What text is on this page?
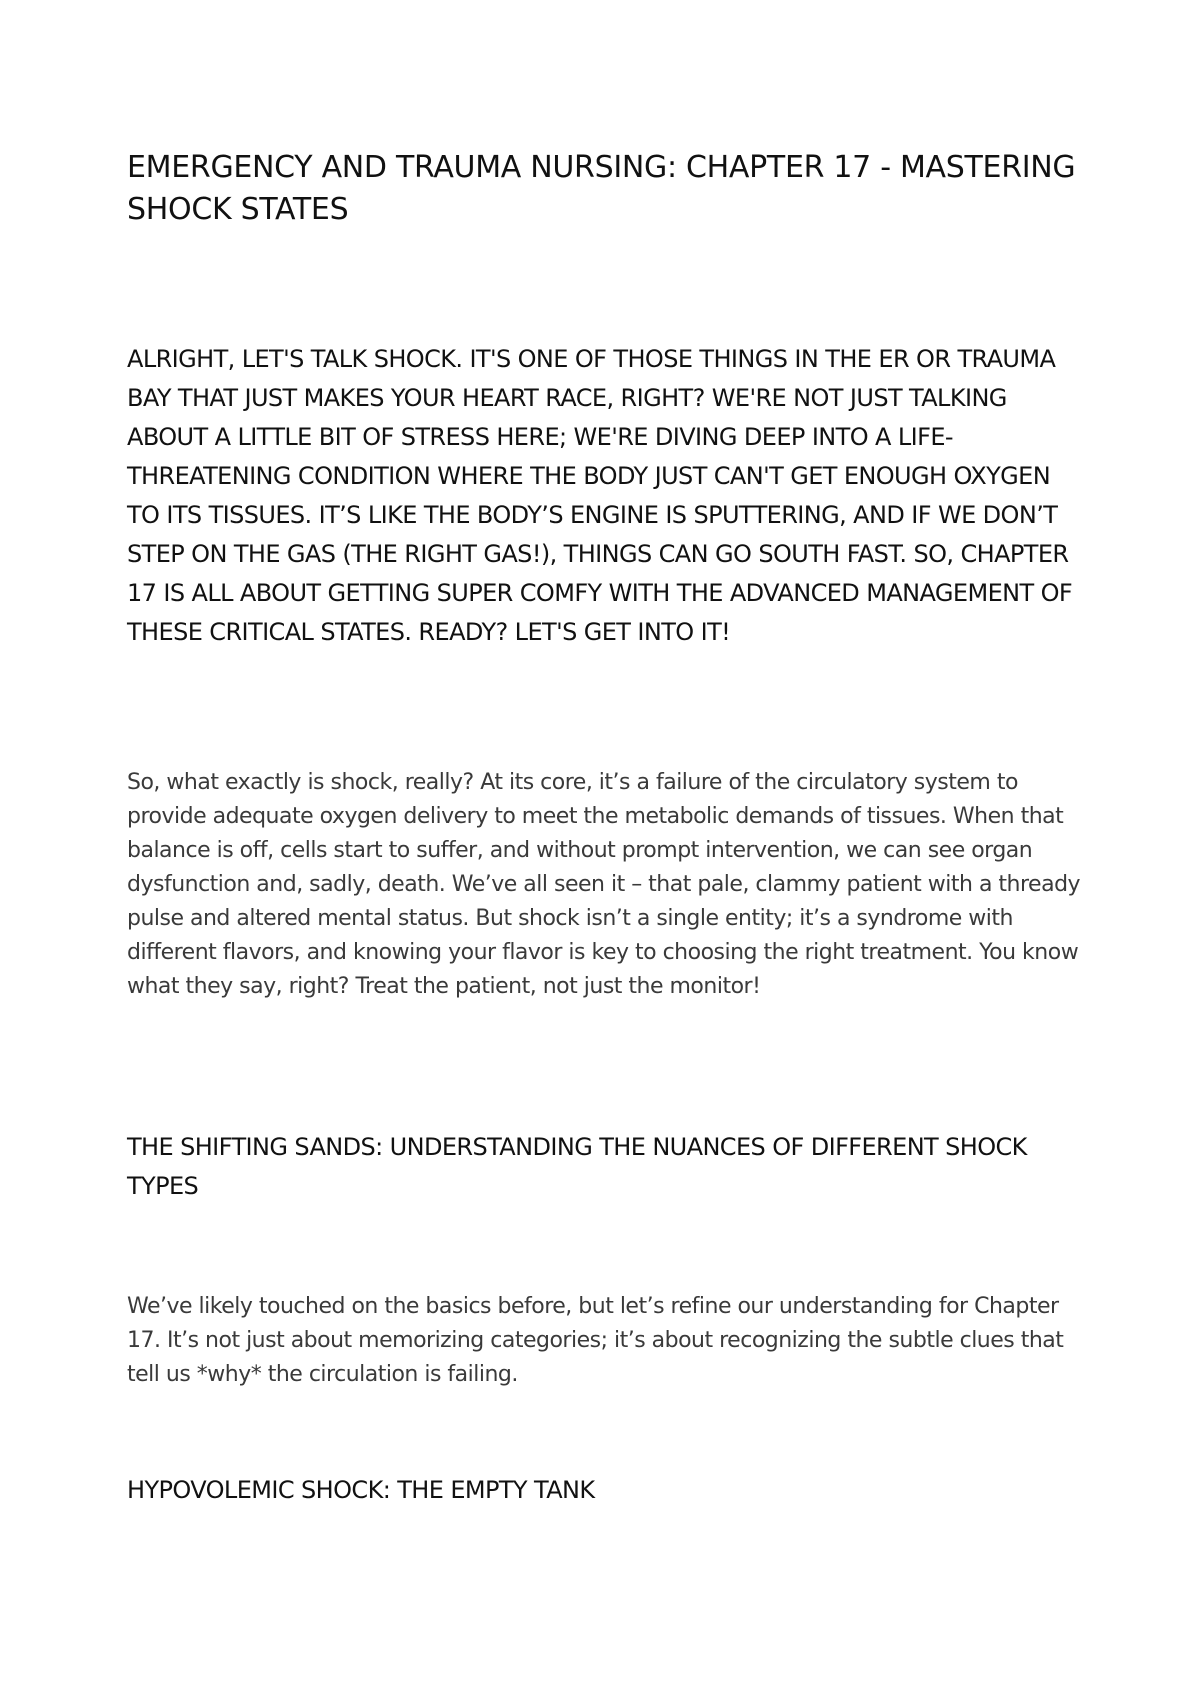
EMERGENCY AND TRAUMA NURSING: CHAPTER 17 - MASTERING SHOCK STATES
ALRIGHT, LET'S TALK SHOCK. IT'S ONE OF THOSE THINGS IN THE ER OR TRAUMA BAY THAT JUST MAKES YOUR HEART RACE, RIGHT? WE'RE NOT JUST TALKING ABOUT A LITTLE BIT OF STRESS HERE; WE'RE DIVING DEEP INTO A LIFE-THREATENING CONDITION WHERE THE BODY JUST CAN'T GET ENOUGH OXYGEN TO ITS TISSUES. IT’S LIKE THE BODY’S ENGINE IS SPUTTERING, AND IF WE DON’T STEP ON THE GAS (THE RIGHT GAS!), THINGS CAN GO SOUTH FAST. SO, CHAPTER 17 IS ALL ABOUT GETTING SUPER COMFY WITH THE ADVANCED MANAGEMENT OF THESE CRITICAL STATES. READY? LET'S GET INTO IT!

So, what exactly is shock, really? At its core, it’s a failure of the circulatory system to provide adequate oxygen delivery to meet the metabolic demands of tissues. When that balance is off, cells start to suffer, and without prompt intervention, we can see organ dysfunction and, sadly, death. We’ve all seen it – that pale, clammy patient with a thready pulse and altered mental status. But shock isn’t a single entity; it’s a syndrome with different flavors, and knowing your flavor is key to choosing the right treatment. You know what they say, right? Treat the patient, not just the monitor!

THE SHIFTING SANDS: UNDERSTANDING THE NUANCES OF DIFFERENT SHOCK TYPES

We’ve likely touched on the basics before, but let’s refine our understanding for Chapter 17. It’s not just about memorizing categories; it’s about recognizing the subtle clues that tell us *why* the circulation is failing.

HYPOVOLEMIC SHOCK: THE EMPTY TANK
